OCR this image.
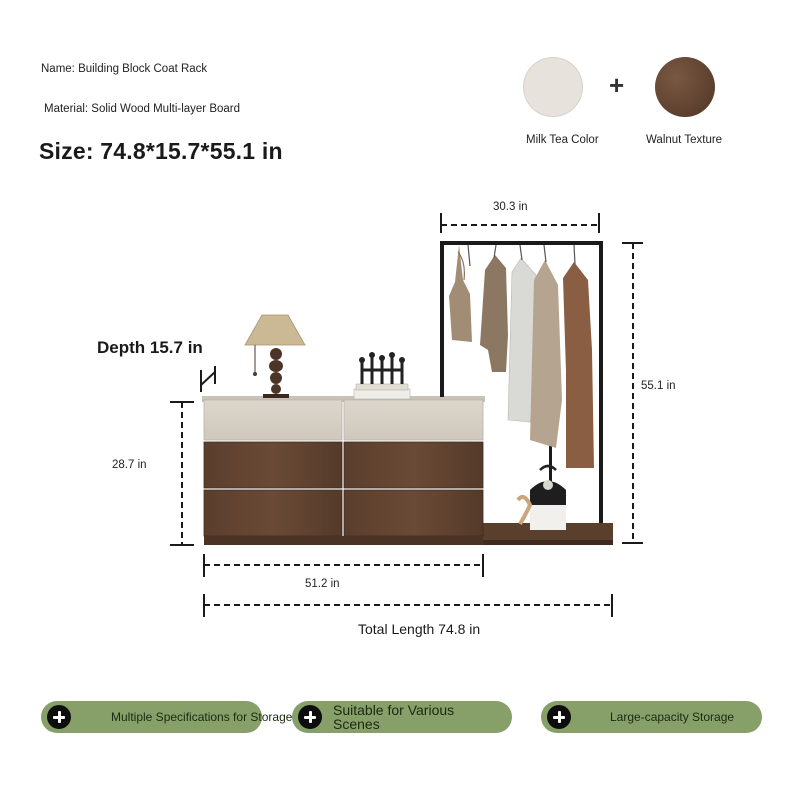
Name: Building Block Coat Rack
Material: Solid Wood Multi-layer Board
Size: 74.8*15.7*55.1 in
+
Milk Tea Color	Walnut Texture
30.3 in
Depth 15.7 in
55.1 in
28.7 in
51.2 in
Total Length 74.8 in
Multiple Specifications for Storage	Suitable for Various Scenes	Large-capacity Storage
